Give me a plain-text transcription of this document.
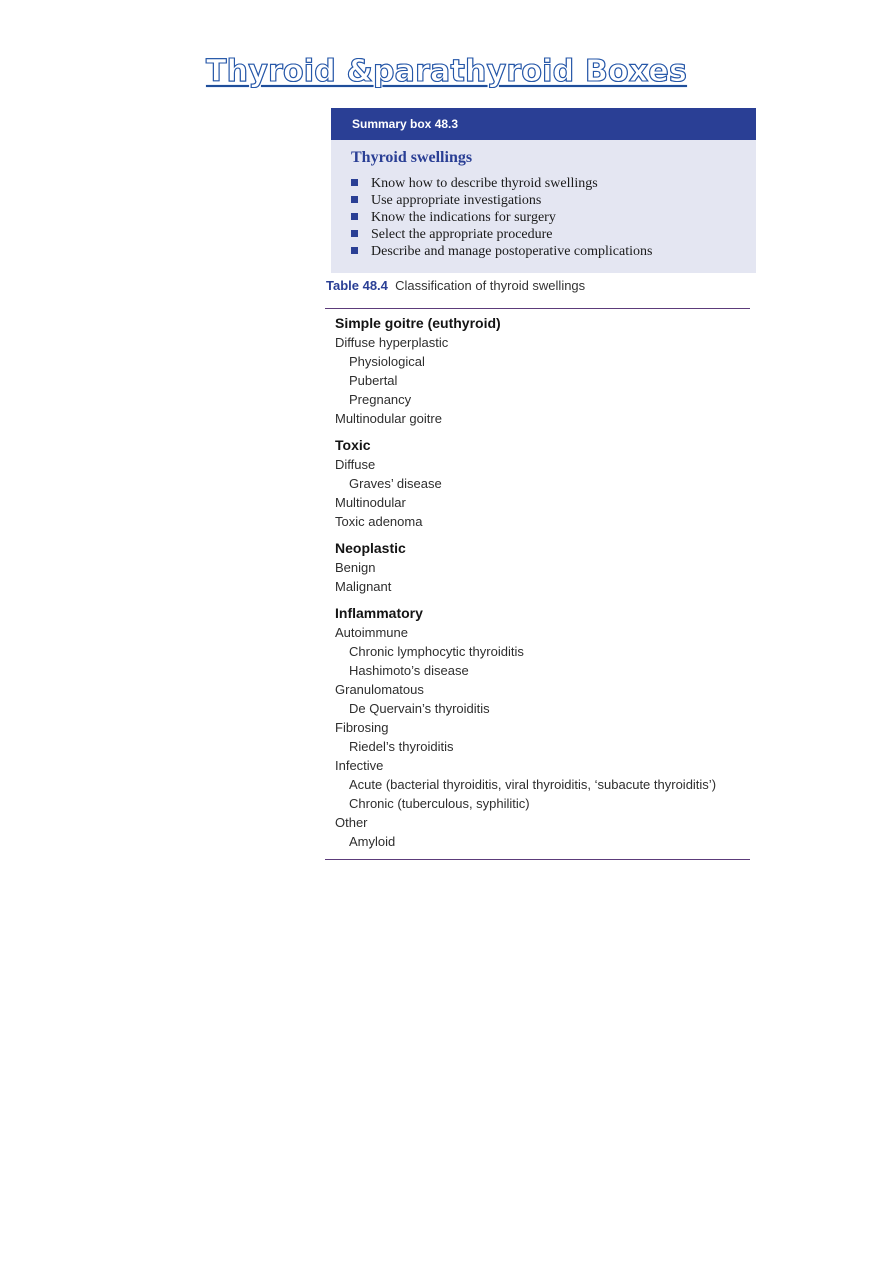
Thyroid &parathyroid Boxes
Summary box 48.3
Thyroid swellings
Know how to describe thyroid swellings
Use appropriate investigations
Know the indications for surgery
Select the appropriate procedure
Describe and manage postoperative complications
Table 48.4 Classification of thyroid swellings
Simple goitre (euthyroid)
Diffuse hyperplastic
Physiological
Pubertal
Pregnancy
Multinodular goitre
Toxic
Diffuse
Graves’ disease
Multinodular
Toxic adenoma
Neoplastic
Benign
Malignant
Inflammatory
Autoimmune
Chronic lymphocytic thyroiditis
Hashimoto’s disease
Granulomatous
De Quervain’s thyroiditis
Fibrosing
Riedel’s thyroiditis
Infective
Acute (bacterial thyroiditis, viral thyroiditis, ‘subacute thyroiditis’)
Chronic (tuberculous, syphilitic)
Other
Amyloid
